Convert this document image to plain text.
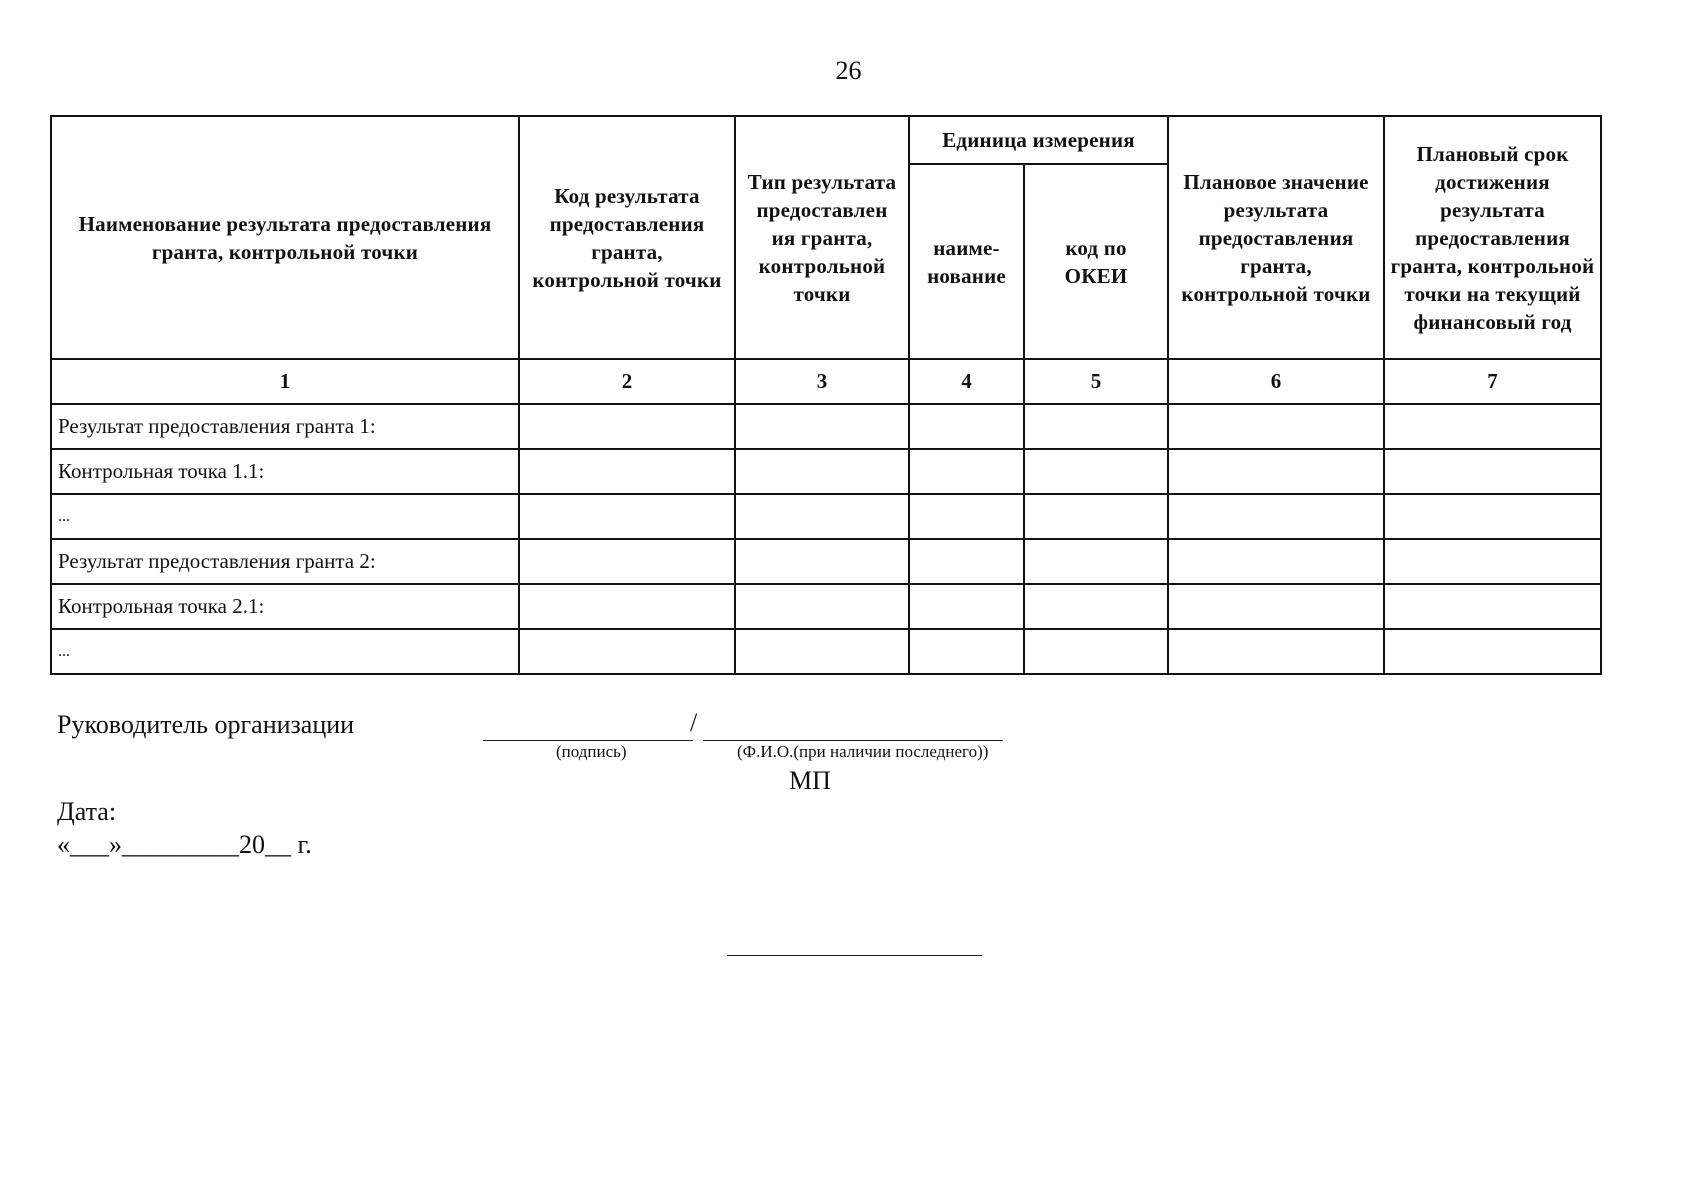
26
Наименование результата предоставления гранта, контрольной точки	Код результата предоставления гранта, контрольной точки	Тип результата предоставлен ия гранта, контрольной точки	Единица измерения		Плановое значение результата предоставления гранта, контрольной точки	Плановый срок достижения результата предоставления гранта, контрольной точки на текущий финансовый год
			наиме-нование	код по ОКЕИ		
1	2	3	4	5	6	7
Результат предоставления гранта 1:						
Контрольная точка 1.1:						
...						
Результат предоставления гранта 2:						
Контрольная точка 2.1:						
...						
Руководитель организации	/
(подпись)	(Ф.И.О.(при наличии последнего))
МП
Дата:
«___»_________20__ г.
